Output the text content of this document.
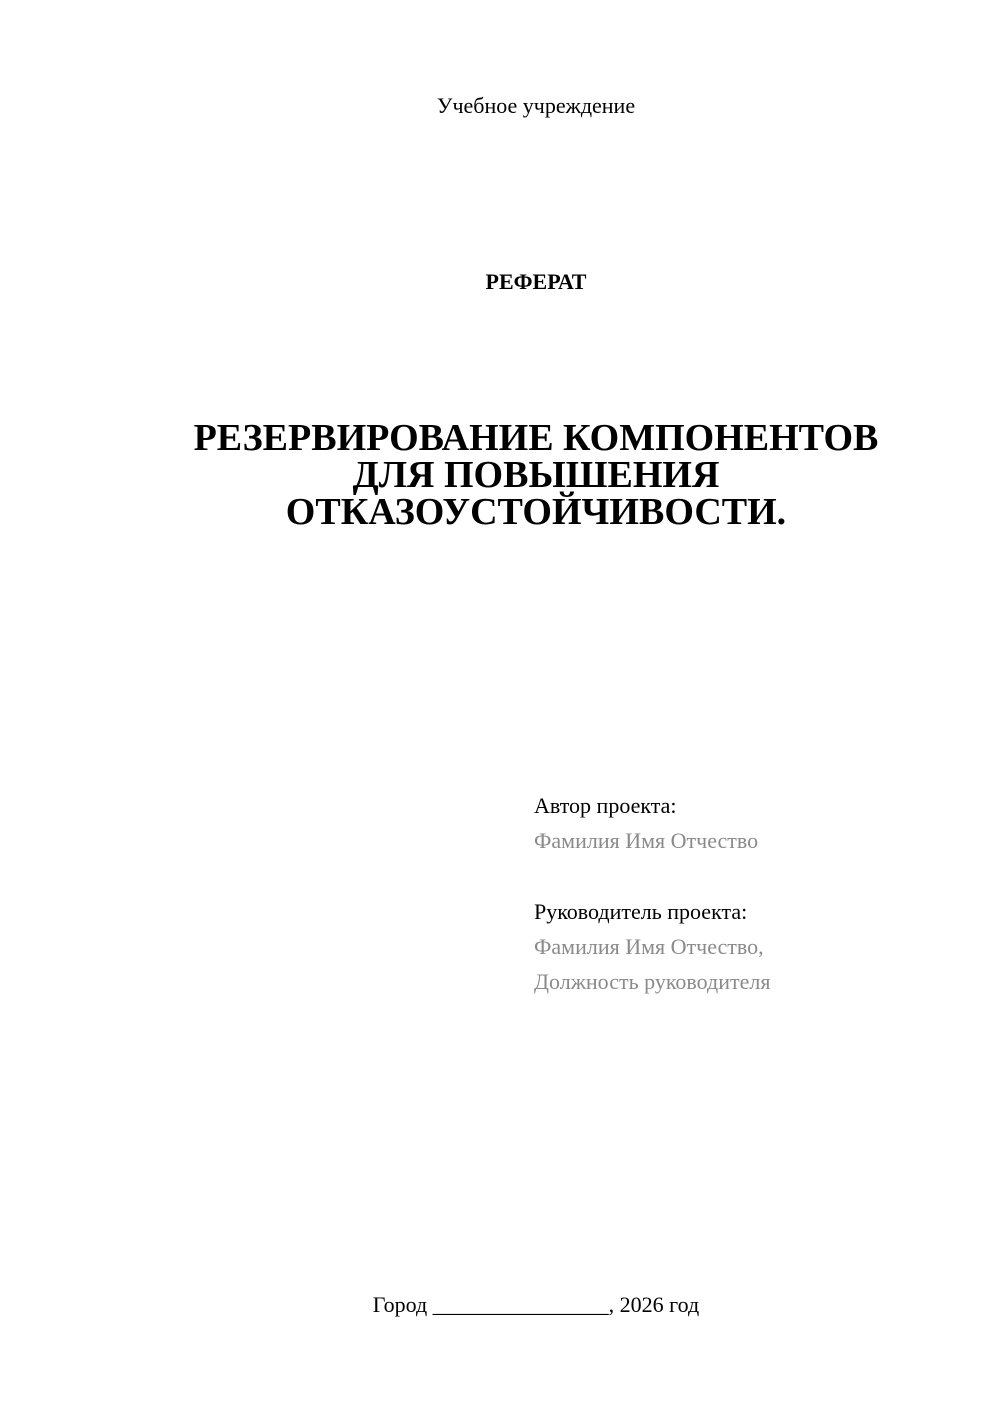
Учебное учреждение
РЕФЕРАТ
РЕЗЕРВИРОВАНИЕ КОМПОНЕНТОВ
ДЛЯ ПОВЫШЕНИЯ
ОТКАЗОУСТОЙЧИВОСТИ.
Автор проекта:
Фамилия Имя Отчество
Руководитель проекта:
Фамилия Имя Отчество,
Должность руководителя
Город ________________, 2026 год
